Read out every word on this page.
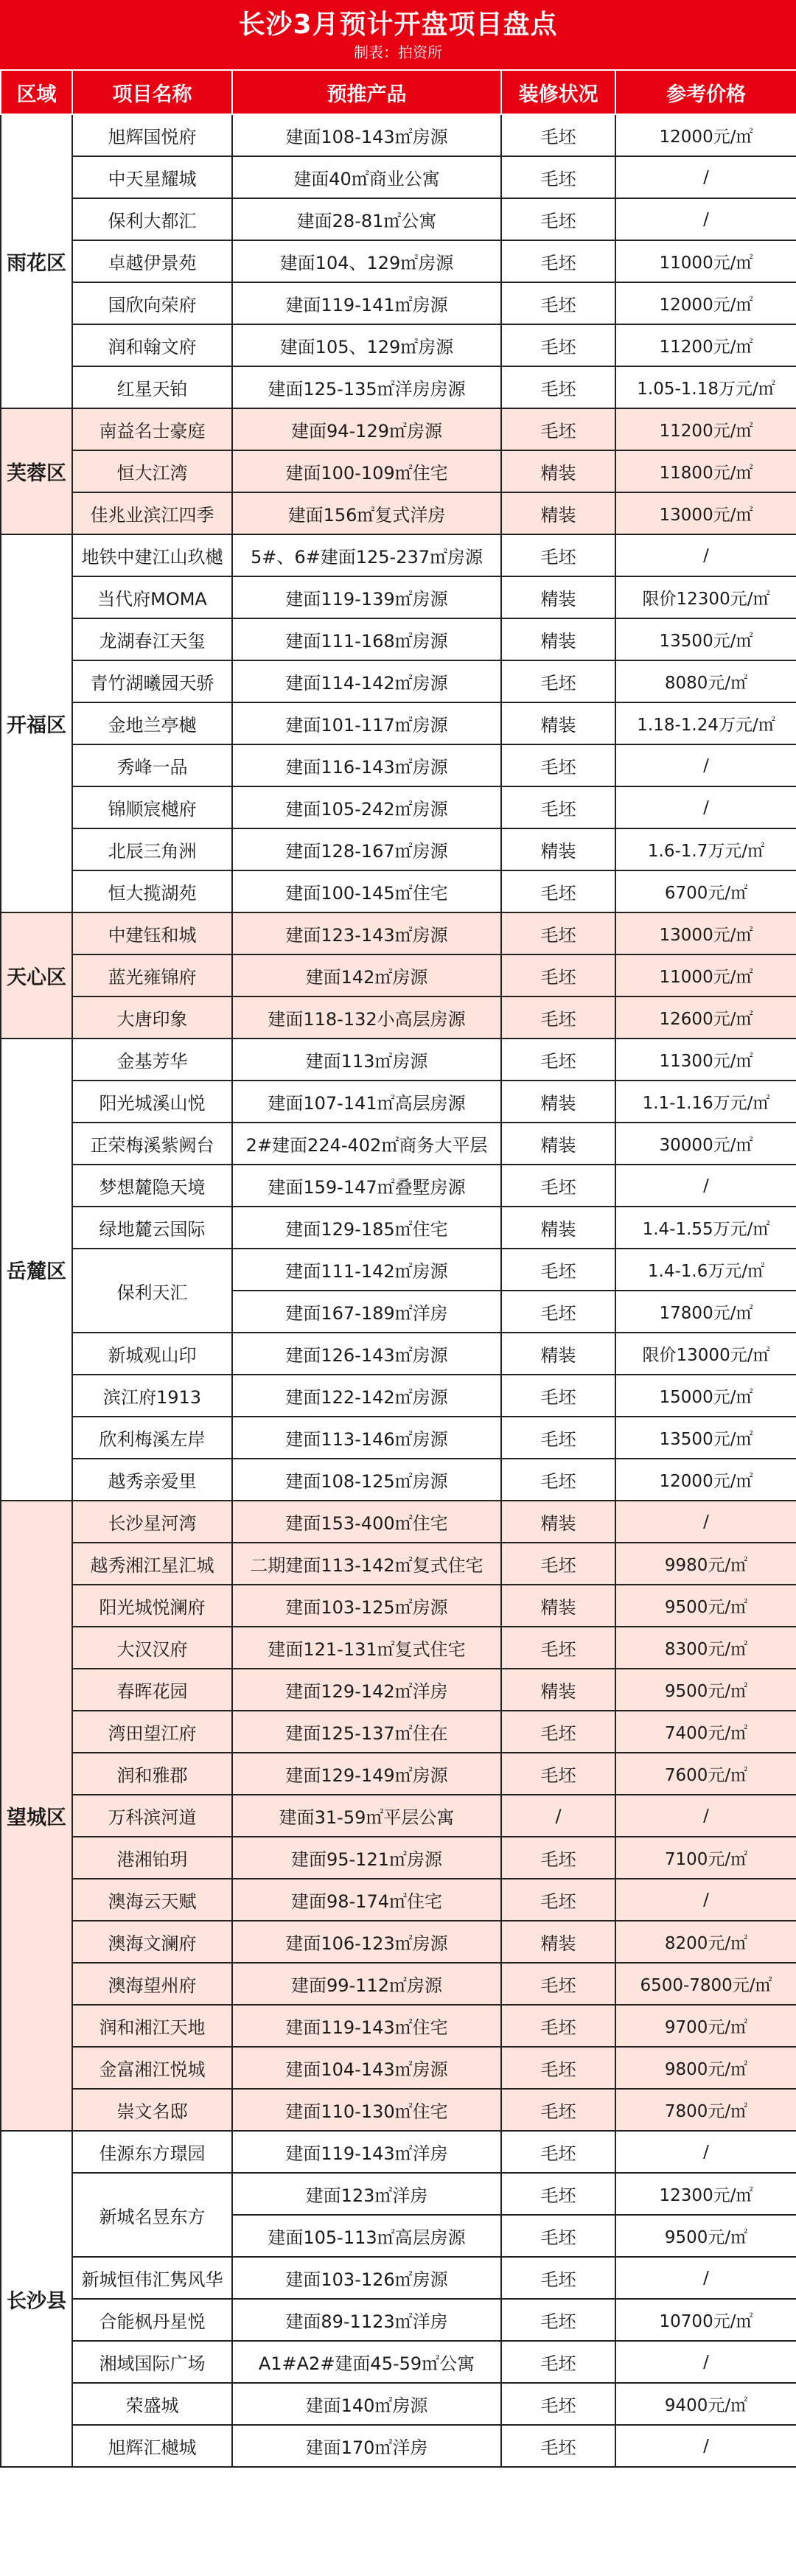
长沙3月预计开盘项目盘点
制表：拍资所
区域	项目名称	预推产品	装修状况	参考价格
雨花区	旭辉国悦府	建面108-143㎡房源	毛坯	12000元/㎡
	中天星耀城	建面40㎡商业公寓	毛坯	/
	保利大都汇	建面28-81㎡公寓	毛坯	/
	卓越伊景苑	建面104、129㎡房源	毛坯	11000元/㎡
	国欣向荣府	建面119-141㎡房源	毛坯	12000元/㎡
	润和翰文府	建面105、129㎡房源	毛坯	11200元/㎡
	红星天铂	建面125-135㎡洋房房源	毛坯	1.05-1.18万元/㎡
芙蓉区	南益名士豪庭	建面94-129㎡房源	毛坯	11200元/㎡
	恒大江湾	建面100-109㎡住宅	精装	11800元/㎡
	佳兆业滨江四季	建面156㎡复式洋房	精装	13000元/㎡
开福区	地铁中建江山玖樾	5#、6#建面125-237㎡房源	毛坯	/
	当代府MOMA	建面119-139㎡房源	精装	限价12300元/㎡
	龙湖春江天玺	建面111-168㎡房源	精装	13500元/㎡
	青竹湖曦园天骄	建面114-142㎡房源	毛坯	8080元/㎡
	金地兰亭樾	建面101-117㎡房源	精装	1.18-1.24万元/㎡
	秀峰一品	建面116-143㎡房源	毛坯	/
	锦顺宸樾府	建面105-242㎡房源	毛坯	/
	北辰三角洲	建面128-167㎡房源	精装	1.6-1.7万元/㎡
	恒大揽湖苑	建面100-145㎡住宅	毛坯	6700元/㎡
天心区	中建钰和城	建面123-143㎡房源	毛坯	13000元/㎡
	蓝光雍锦府	建面142㎡房源	毛坯	11000元/㎡
	大唐印象	建面118-132小高层房源	毛坯	12600元/㎡
岳麓区	金基芳华	建面113㎡房源	毛坯	11300元/㎡
	阳光城溪山悦	建面107-141㎡高层房源	精装	1.1-1.16万元/㎡
	正荣梅溪紫阙台	2#建面224-402㎡商务大平层	精装	30000元/㎡
	梦想麓隐天境	建面159-147㎡叠墅房源	毛坯	/
	绿地麓云国际	建面129-185㎡住宅	精装	1.4-1.55万元/㎡
	保利天汇	建面111-142㎡房源	毛坯	1.4-1.6万元/㎡
		建面167-189㎡洋房	毛坯	17800元/㎡
	新城观山印	建面126-143㎡房源	精装	限价13000元/㎡
	滨江府1913	建面122-142㎡房源	毛坯	15000元/㎡
	欣利梅溪左岸	建面113-146㎡房源	毛坯	13500元/㎡
	越秀亲爱里	建面108-125㎡房源	毛坯	12000元/㎡
望城区	长沙星河湾	建面153-400㎡住宅	精装	/
	越秀湘江星汇城	二期建面113-142㎡复式住宅	毛坯	9980元/㎡
	阳光城悦澜府	建面103-125㎡房源	精装	9500元/㎡
	大汉汉府	建面121-131㎡复式住宅	毛坯	8300元/㎡
	春晖花园	建面129-142㎡洋房	精装	9500元/㎡
	湾田望江府	建面125-137㎡住在	毛坯	7400元/㎡
	润和雅郡	建面129-149㎡房源	毛坯	7600元/㎡
	万科滨河道	建面31-59㎡平层公寓	/	/
	港湘铂玥	建面95-121㎡房源	毛坯	7100元/㎡
	澳海云天赋	建面98-174㎡住宅	毛坯	/
	澳海文澜府	建面106-123㎡房源	精装	8200元/㎡
	澳海望州府	建面99-112㎡房源	毛坯	6500-7800元/㎡
	润和湘江天地	建面119-143㎡住宅	毛坯	9700元/㎡
	金富湘江悦城	建面104-143㎡房源	毛坯	9800元/㎡
	崇文名邸	建面110-130㎡住宅	毛坯	7800元/㎡
长沙县	佳源东方璟园	建面119-143㎡洋房	毛坯	/
	新城名昱东方	建面123㎡洋房	毛坯	12300元/㎡
		建面105-113㎡高层房源	毛坯	9500元/㎡
	新城恒伟汇隽风华	建面103-126㎡房源	毛坯	/
	合能枫丹星悦	建面89-1123㎡洋房	毛坯	10700元/㎡
	湘域国际广场	A1#A2#建面45-59㎡公寓	毛坯	/
	荣盛城	建面140㎡房源	毛坯	9400元/㎡
	旭辉汇樾城	建面170㎡洋房	毛坯	/
